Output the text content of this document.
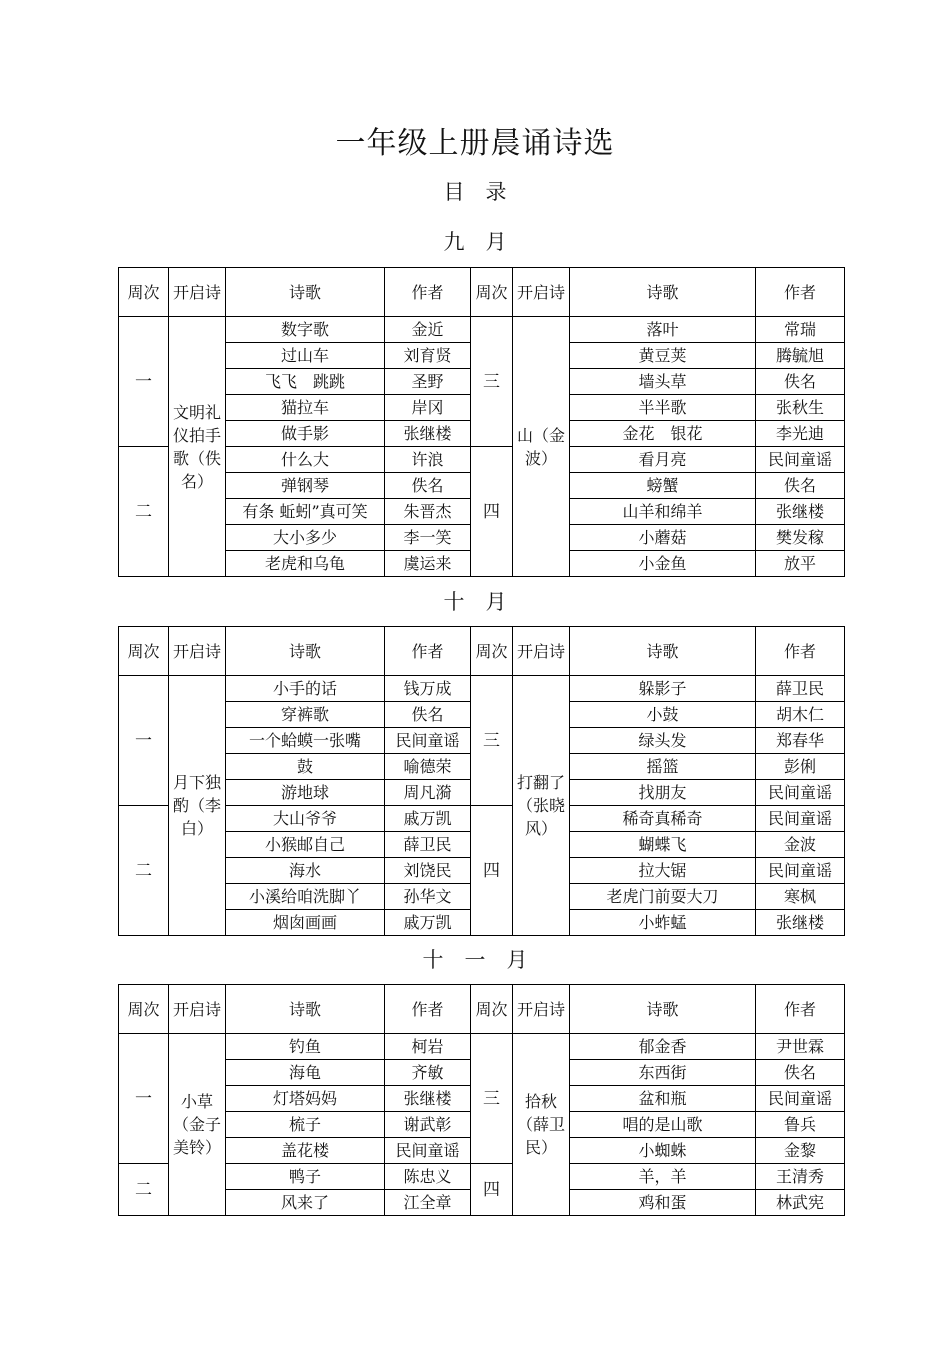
一年级上册晨诵诗选
目　录
九　月
周次	开启诗	诗歌	作者	周次	开启诗	诗歌	作者
一	文明礼仪拍手歌（佚名）	数字歌	金近	三	山（金波）	落叶	常瑞
		过山车	刘育贤			黄豆荚	腾毓旭
		飞飞　跳跳	圣野			墙头草	佚名
		猫拉车	岸冈			半半歌	张秋生
		做手影	张继楼			金花　银花	李光迪
二		什么大	许浪	四		看月亮	民间童谣
		弹钢琴	佚名			螃蟹	佚名
		有条 蚯蚓”真可笑	朱晋杰			山羊和绵羊	张继楼
		大小多少	李一笑			小蘑菇	樊发稼
		老虎和乌龟	虞运来			小金鱼	放平
十　月
周次	开启诗	诗歌	作者	周次	开启诗	诗歌	作者
一	月下独酌（李白）	小手的话	钱万成	三	打翻了（张晓风）	躲影子	薛卫民
		穿裤歌	佚名			小鼓	胡木仁
		一个蛤蟆一张嘴	民间童谣			绿头发	郑春华
		鼓	喻德荣			摇篮	彭俐
		游地球	周凡漪			找朋友	民间童谣
二		大山爷爷	戚万凯	四		稀奇真稀奇	民间童谣
		小猴邮自己	薛卫民			蝴蝶飞	金波
		海水	刘饶民			拉大锯	民间童谣
		小溪给咱洗脚丫	孙华文			老虎门前耍大刀	寒枫
		烟囱画画	戚万凯			小蚱蜢	张继楼
十　一　月
周次	开启诗	诗歌	作者	周次	开启诗	诗歌	作者
一	小草（金子美铃）	钓鱼	柯岩	三	拾秋（薛卫民）	郁金香	尹世霖
		海龟	齐敏			东西街	佚名
		灯塔妈妈	张继楼			盆和瓶	民间童谣
		梳子	谢武彰			唱的是山歌	鲁兵
		盖花楼	民间童谣			小蜘蛛	金黎
二		鸭子	陈忠义	四		羊，羊	王清秀
		风来了	江全章			鸡和蛋	林武宪
